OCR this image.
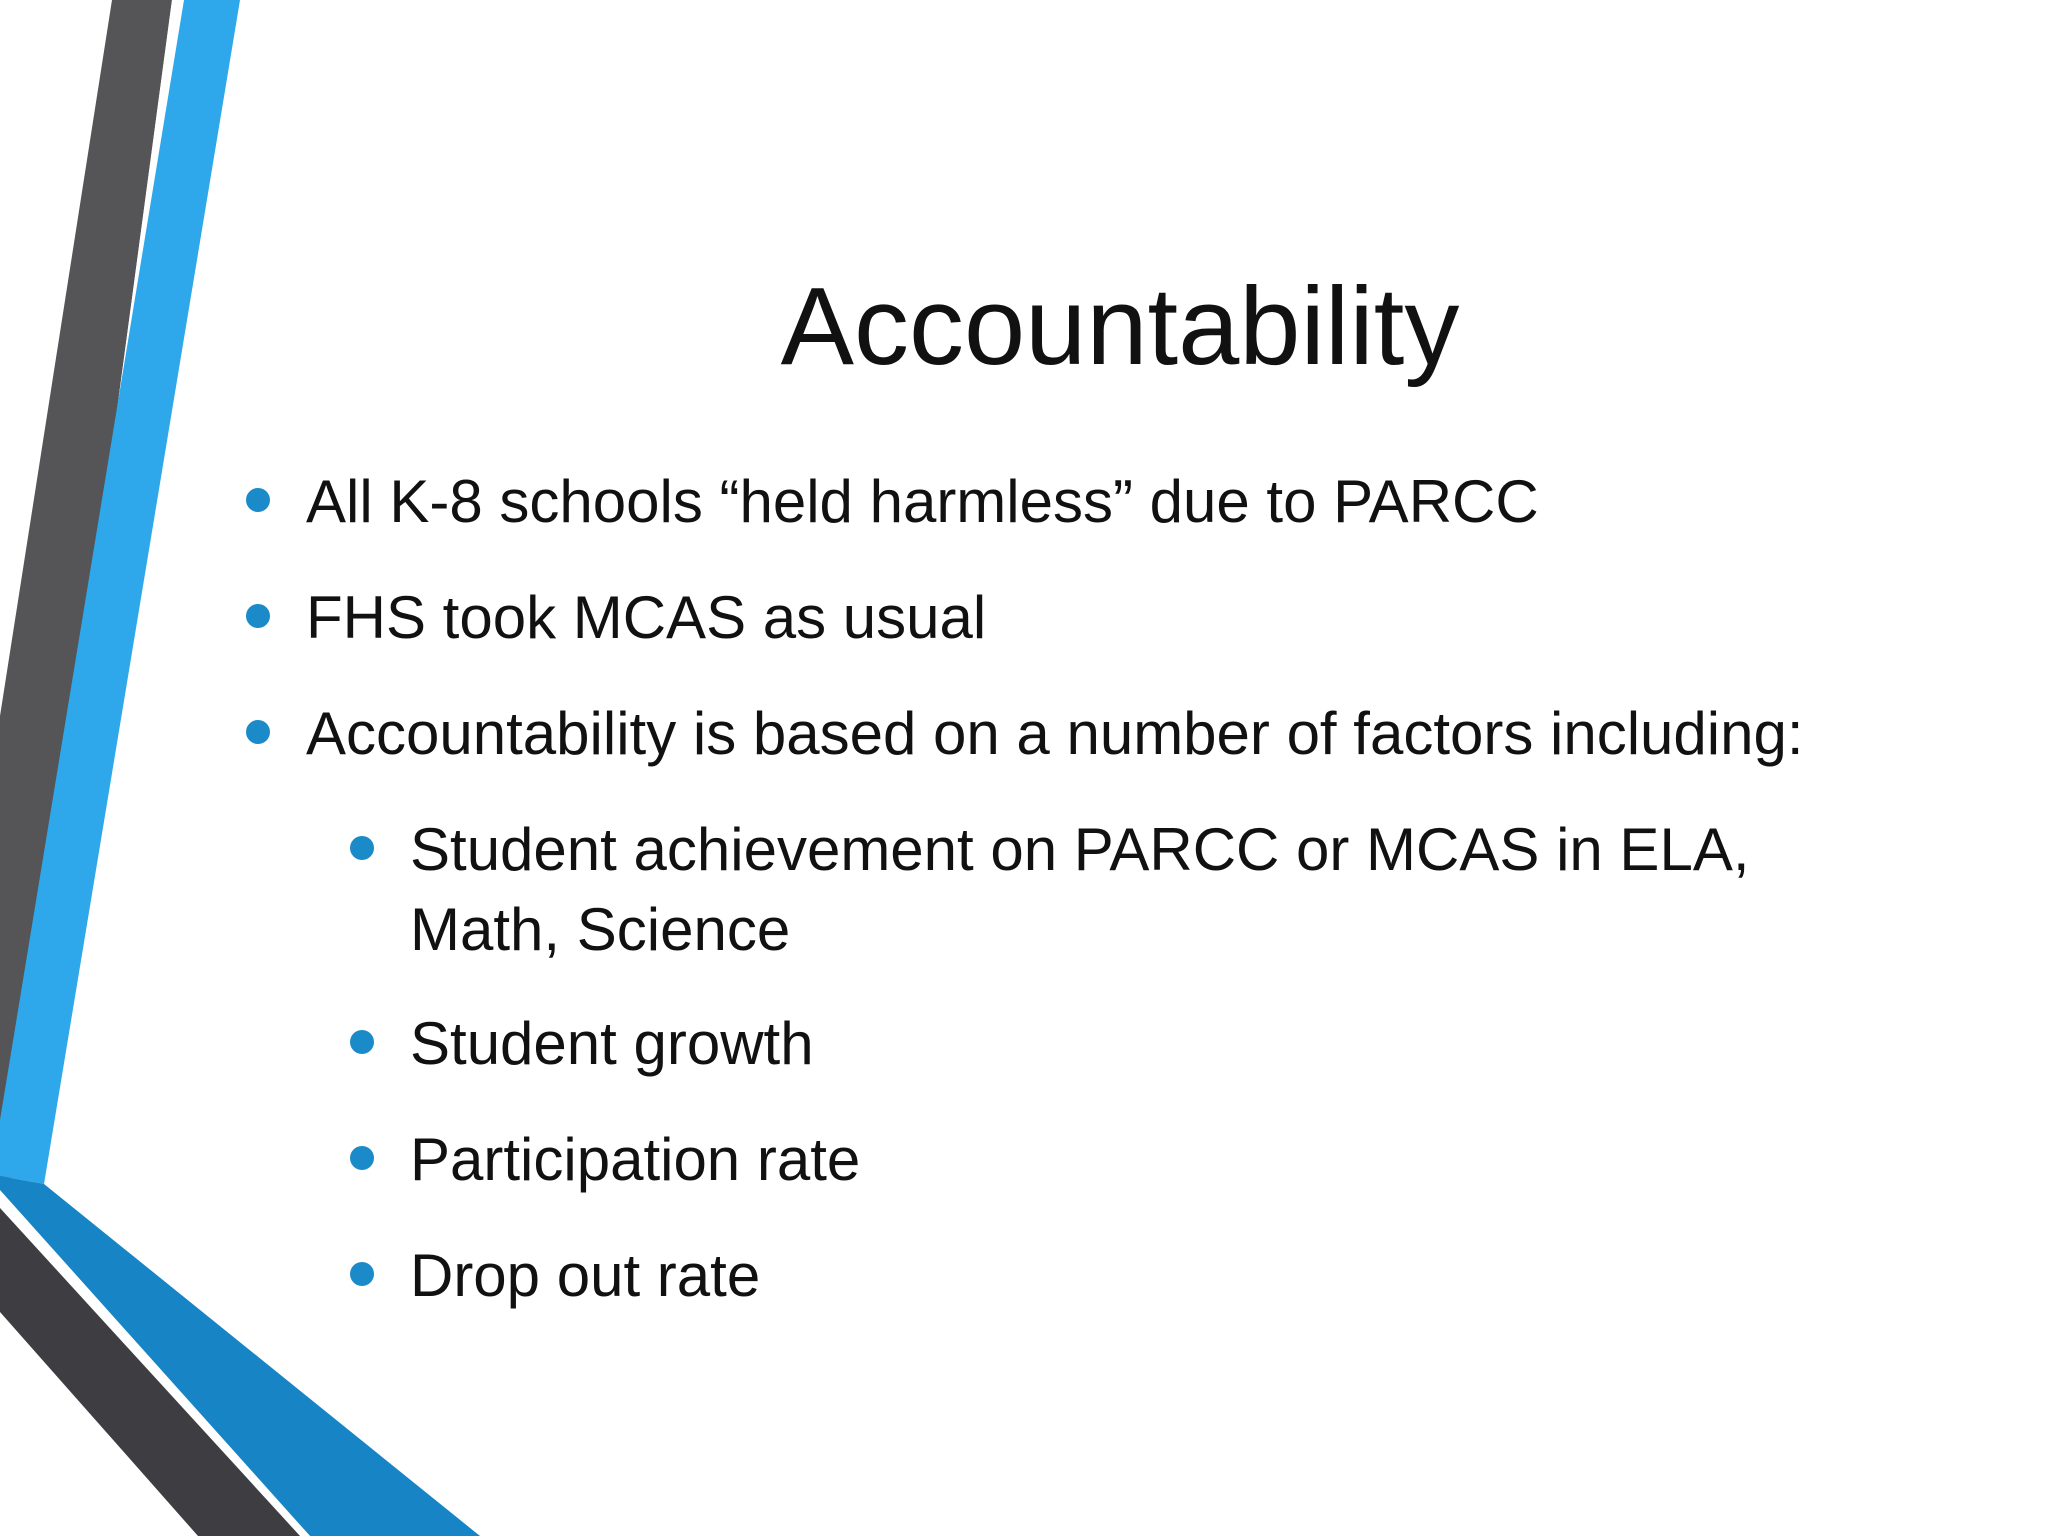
Accountability
All K-8 schools “held harmless” due to PARCC
FHS took MCAS as usual
Accountability is based on a number of factors including:
Student achievement on PARCC or MCAS in ELA,
Math, Science
Student growth
Participation rate
Drop out rate
